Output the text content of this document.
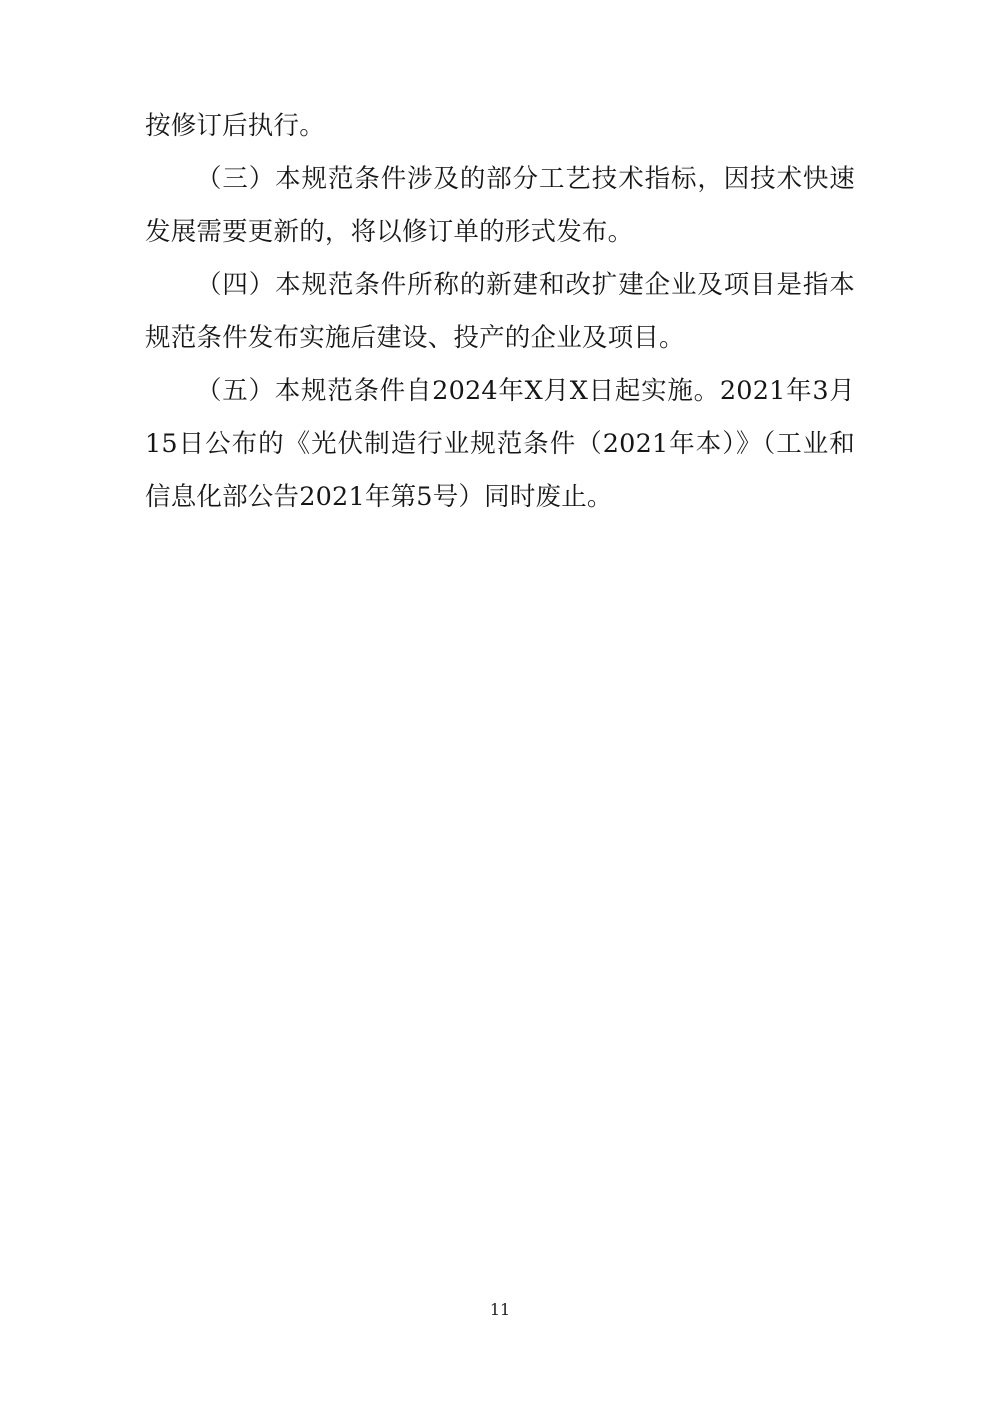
按修订后执行。

（三）本规范条件涉及的部分工艺技术指标，因技术快速发展需要更新的，将以修订单的形式发布。

（四）本规范条件所称的新建和改扩建企业及项目是指本规范条件发布实施后建设、投产的企业及项目。

（五）本规范条件自2024年X月X日起实施。2021年3月15日公布的《光伏制造行业规范条件（2021年本）》（工业和信息化部公告2021年第5号）同时废止。

11
